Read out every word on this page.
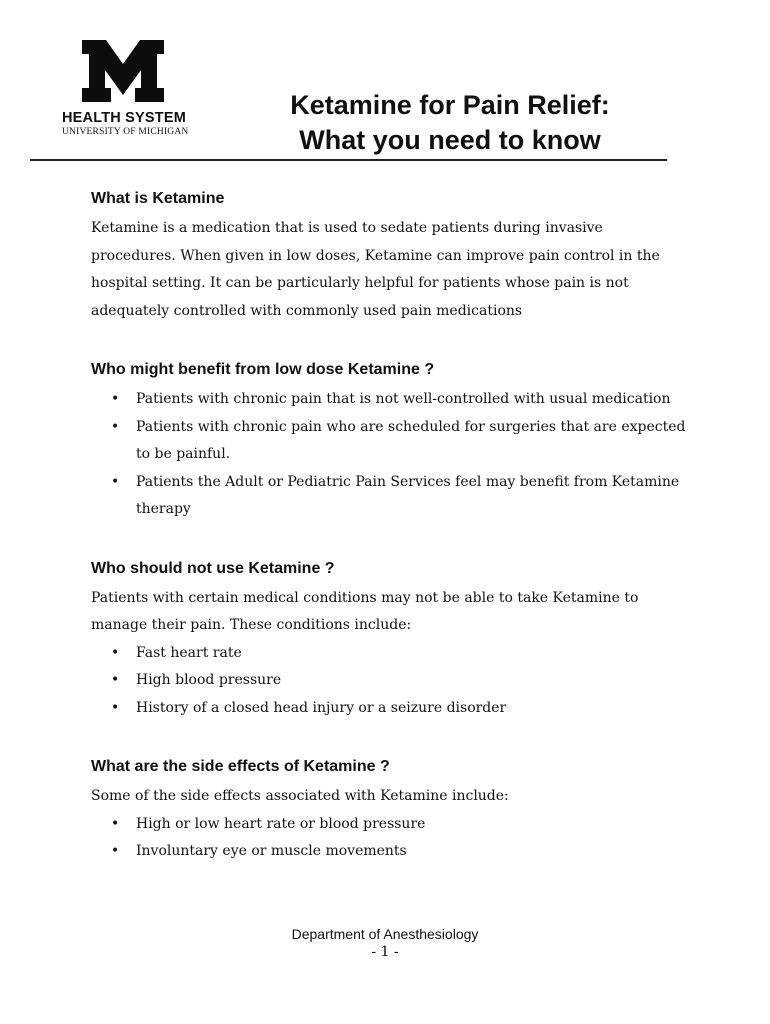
HEALTH SYSTEM
UNIVERSITY OF MICHIGAN
Ketamine for Pain Relief:
What you need to know
What is Ketamine

Ketamine is a medication that is used to sedate patients during invasive procedures. When given in low doses, Ketamine can improve pain control in the hospital setting. It can be particularly helpful for patients whose pain is not adequately controlled with commonly used pain medications

Who might benefit from low dose Ketamine ?
• Patients with chronic pain that is not well-controlled with usual medication
• Patients with chronic pain who are scheduled for surgeries that are expected to be painful.
• Patients the Adult or Pediatric Pain Services feel may benefit from Ketamine therapy
Who should not use Ketamine ?

Patients with certain medical conditions may not be able to take Ketamine to manage their pain. These conditions include:

• Fast heart rate
• High blood pressure
• History of a closed head injury or a seizure disorder
What are the side effects of Ketamine ?

Some of the side effects associated with Ketamine include:

• High or low heart rate or blood pressure
• Involuntary eye or muscle movements
Department of Anesthesiology
- 1 -
